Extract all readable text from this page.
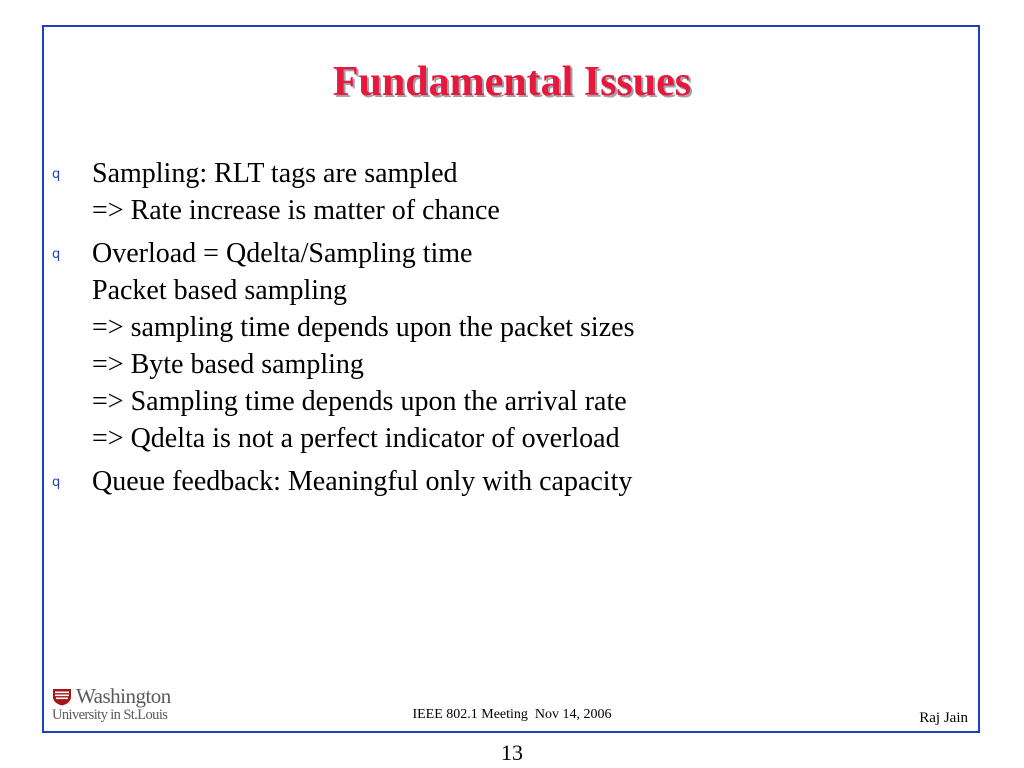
Fundamental Issues
q Sampling: RLT tags are sampled
=> Rate increase is matter of chance
q Overload = Qdelta/Sampling time
Packet based sampling
=> sampling time depends upon the packet sizes
=> Byte based sampling
=> Sampling time depends upon the arrival rate
=> Qdelta is not a perfect indicator of overload
q Queue feedback: Meaningful only with capacity
Washington
University in St.Louis	IEEE 802.1 Meeting  Nov 14, 2006	Raj Jain
13
